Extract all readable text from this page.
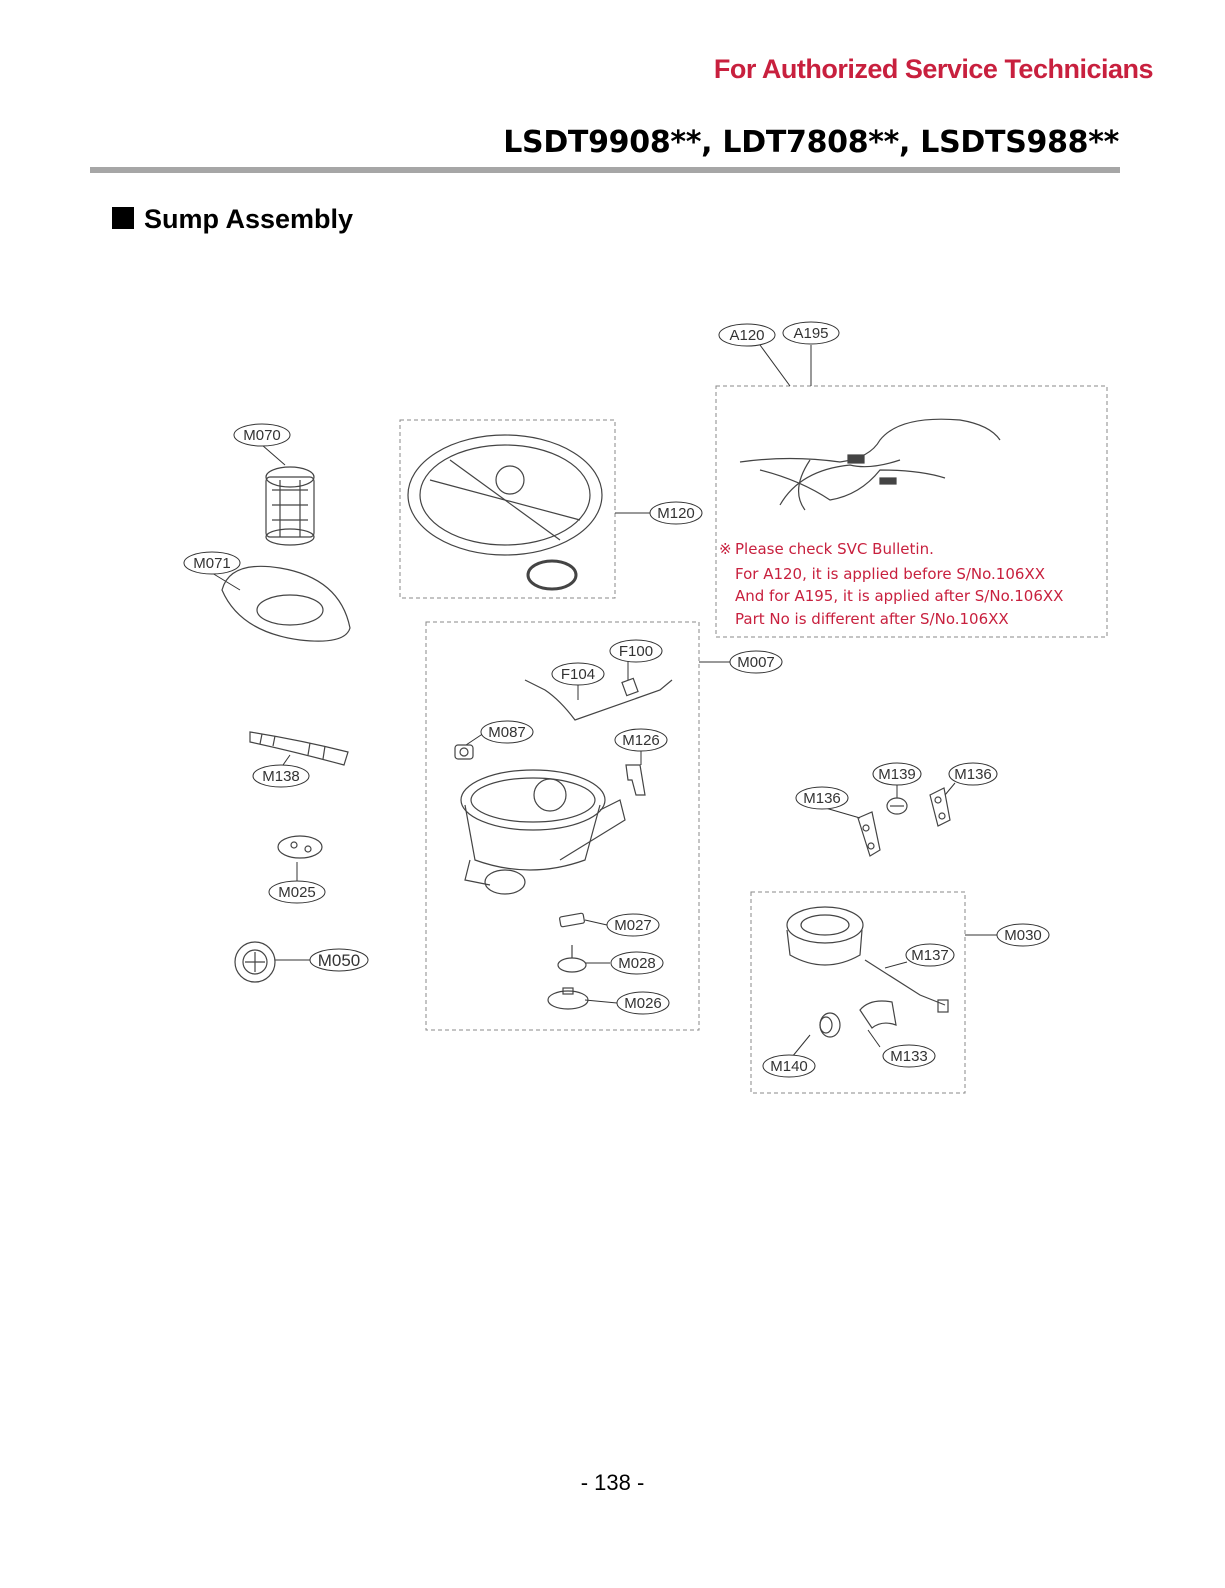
For Authorized Service Technicians
LSDT9908**, LDT7808**, LSDTS988**
Sump Assembly
A120 A195
M070
M071
M120
M007
F100
F104
M087	M126
M138
M025
M050
M027
M028
M026
M139	M136
M136
M030
M137
M133
M140
※ Please check SVC Bulletin.
For A120, it is applied before S/No.106XX
And for A195, it is applied after S/No.106XX
Part No is different after S/No.106XX
- 138 -
